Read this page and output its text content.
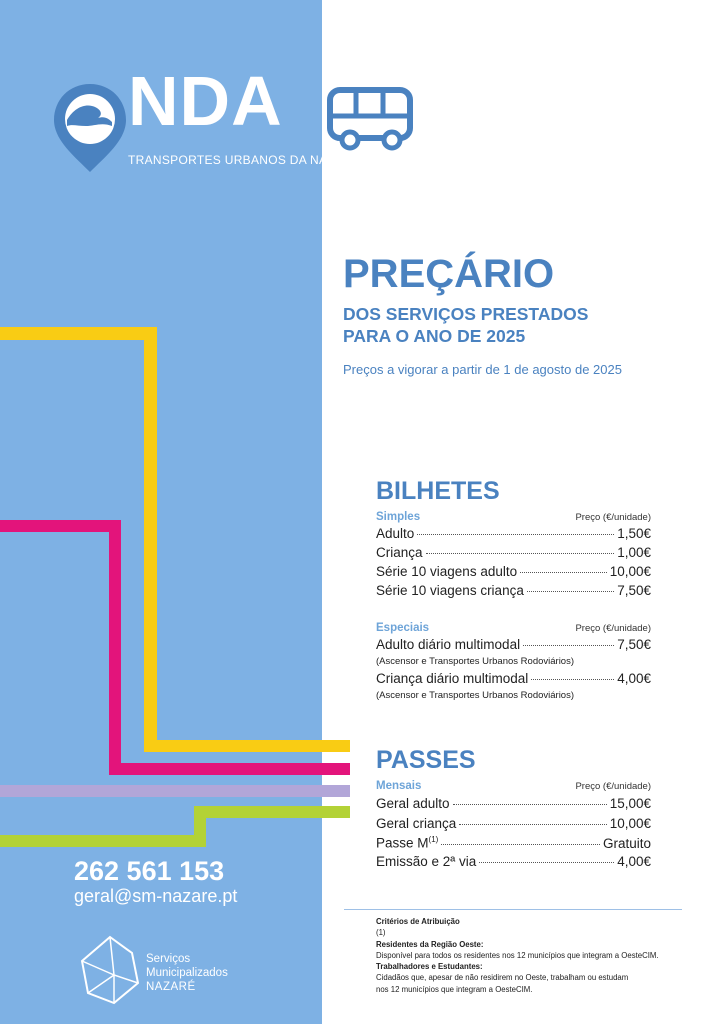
NDA
TRANSPORTES URBANOS DA NAZARÉ
PREÇÁRIO
DOS SERVIÇOS PRESTADOS
PARA O ANO DE 2025
Preços a vigorar a partir de 1 de agosto de 2025
BILHETES
Simples	Preço (€/unidade)
Adulto	1,50€
Criança	1,00€
Série 10 viagens adulto	10,00€
Série 10 viagens criança	7,50€
Especiais	Preço (€/unidade)
Adulto diário multimodal	7,50€
(Ascensor e Transportes Urbanos Rodoviários)
Criança diário multimodal	4,00€
(Ascensor e Transportes Urbanos Rodoviários)
PASSES
Mensais	Preço (€/unidade)
Geral adulto	15,00€
Geral criança	10,00€
Passe $M^{(1)}$	Gratuito
Emissão e 2ª via	4,00€
262 561 153
geral@sm-nazare.pt
Serviços
Municipalizados
NAZARÉ
Critérios de Atribuição
(1)
Residentes da Região Oeste:
Disponível para todos os residentes nos 12 municípios que integram a OesteCIM.
Trabalhadores e Estudantes:
Cidadãos que, apesar de não residirem no Oeste, trabalham ou estudam
nos 12 municípios que integram a OesteCIM.
